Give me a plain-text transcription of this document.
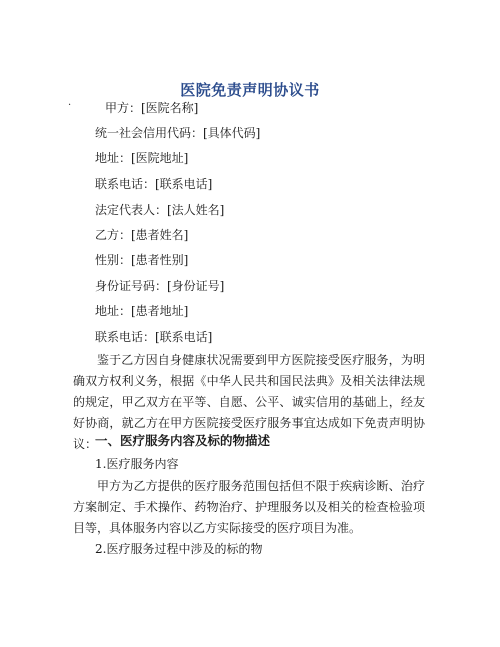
医院免责声明协议书
·	甲方：[医院名称]
统一社会信用代码：[具体代码]
地址：[医院地址]
联系电话：[联系电话]
法定代表人：[法人姓名]
乙方：[患者姓名]
性别：[患者性别]
身份证号码：[身份证号]
地址：[患者地址]
联系电话：[联系电话]
鉴于乙方因自身健康状况需要到甲方医院接受医疗服务，为明确双方权利义务，根据《中华人民共和国民法典》及相关法律法规的规定，甲乙双方在平等、自愿、公平、诚实信用的基础上，经友好协商，就乙方在甲方医院接受医疗服务事宜达成如下免责声明协议：
一、医疗服务内容及标的物描述
1.医疗服务内容
甲方为乙方提供的医疗服务范围包括但不限于疾病诊断、治疗方案制定、手术操作、药物治疗、护理服务以及相关的检查检验项目等，具体服务内容以乙方实际接受的医疗项目为准。
2.医疗服务过程中涉及的标的物
